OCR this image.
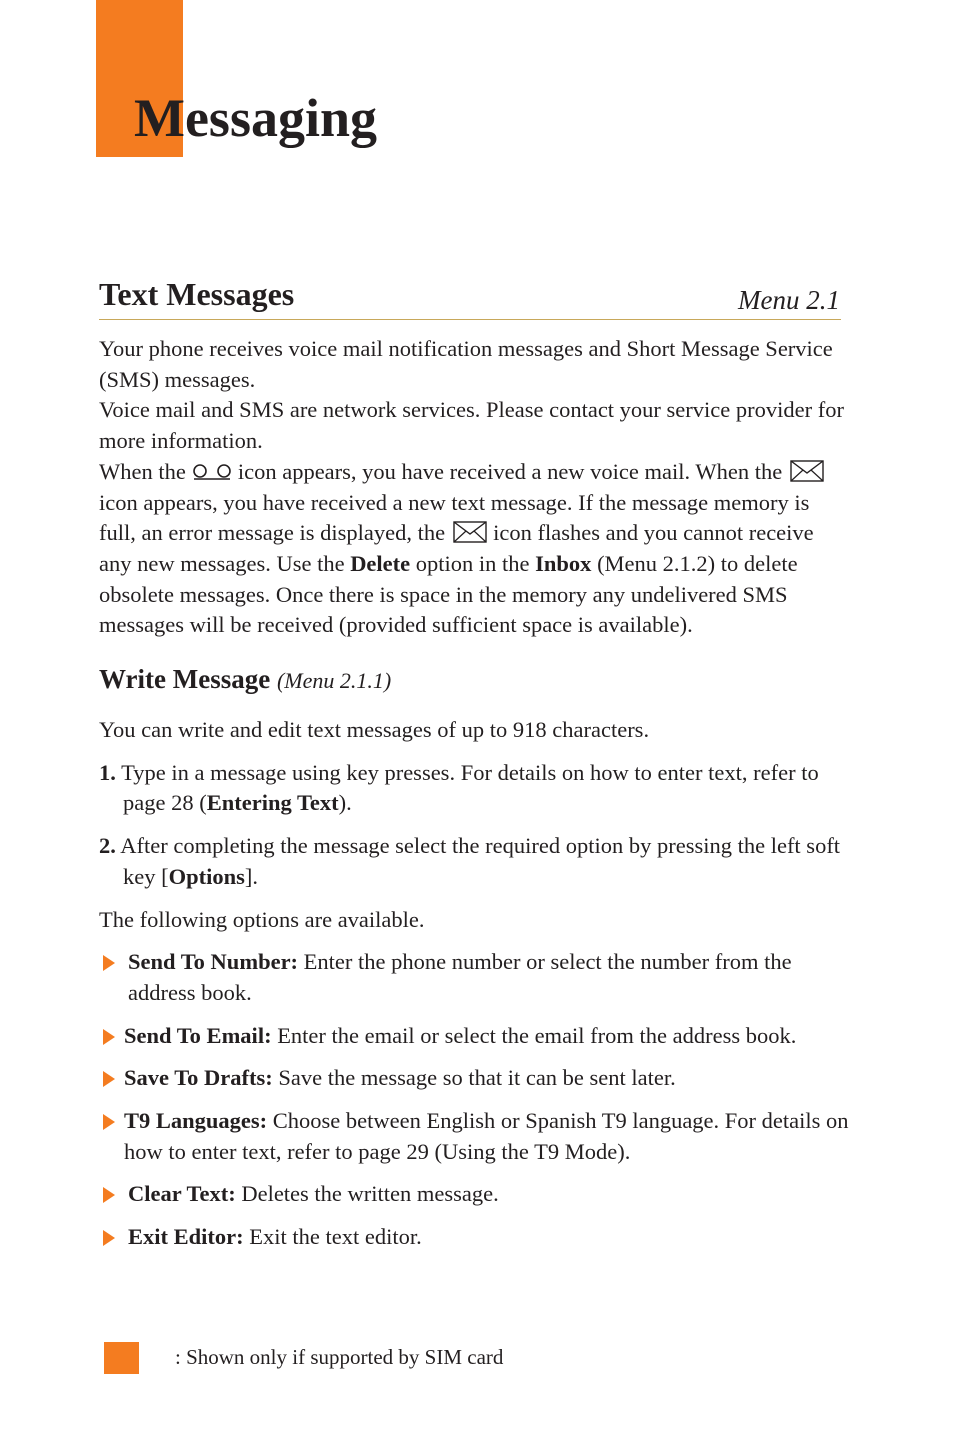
Messaging
Text Messages	Menu 2.1

Your phone receives voice mail notification messages and Short Message Service (SMS) messages.

Voice mail and SMS are network services. Please contact your service provider for more information.

When the icon appears, you have received a new voice mail. When theicon appears, you have received a new text message. If the message memory is full, an error message is displayed, the icon flashes and you cannot receive any new messages. Use the Delete option in the Inbox (Menu 2.1.2) to delete obsolete messages. Once there is space in the memory any undelivered SMS messages will be received (provided sufficient space is available).

Write Message (Menu 2.1.1)

You can write and edit text messages of up to 918 characters.

1. Type in a message using key presses. For details on how to enter text, refer to page 28 (Entering Text).

2. After completing the message select the required option by pressing the left soft key [Options].

The following options are available.

Send To Number: Enter the phone number or select the number from the address book.

Send To Email: Enter the email or select the email from the address book.

Save To Drafts: Save the message so that it can be sent later.

T9 Languages: Choose between English or Spanish T9 language. For details on how to enter text, refer to page 29 (Using the T9 Mode).

Clear Text: Deletes the written message.

Exit Editor: Exit the text editor.

: Shown only if supported by SIM card
